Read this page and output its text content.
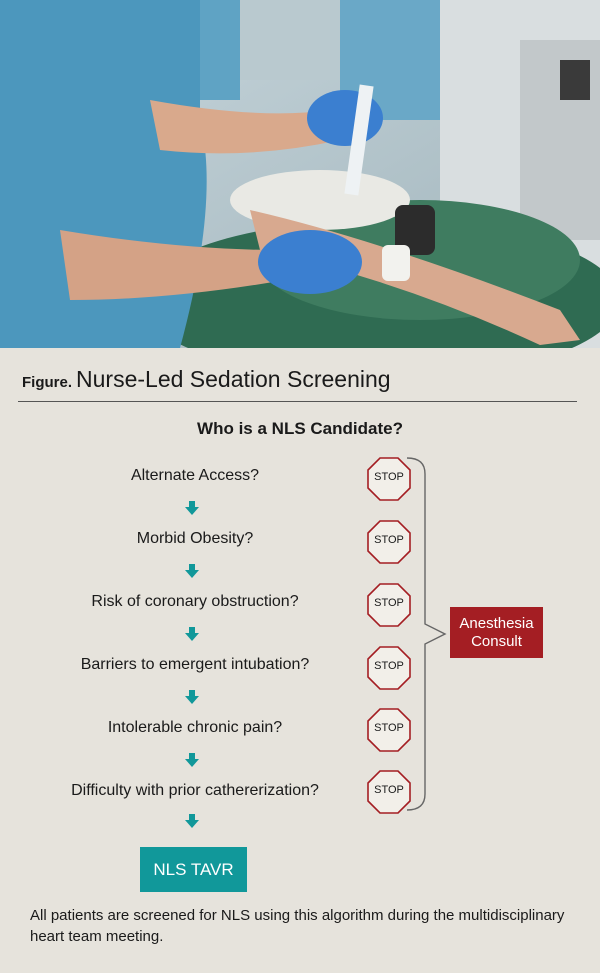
Figure. Nurse-Led Sedation Screening
Who is a NLS Candidate?
Alternate Access?
Morbid Obesity?
Risk of coronary obstruction?
Barriers to emergent intubation?
Intolerable chronic pain?
Difficulty with prior cathererization?
STOP
STOP
STOP
STOP
STOP
STOP
Anesthesia
Consult
NLS TAVR
All patients are screened for NLS using this algorithm during the multidisciplinary heart team meeting.
